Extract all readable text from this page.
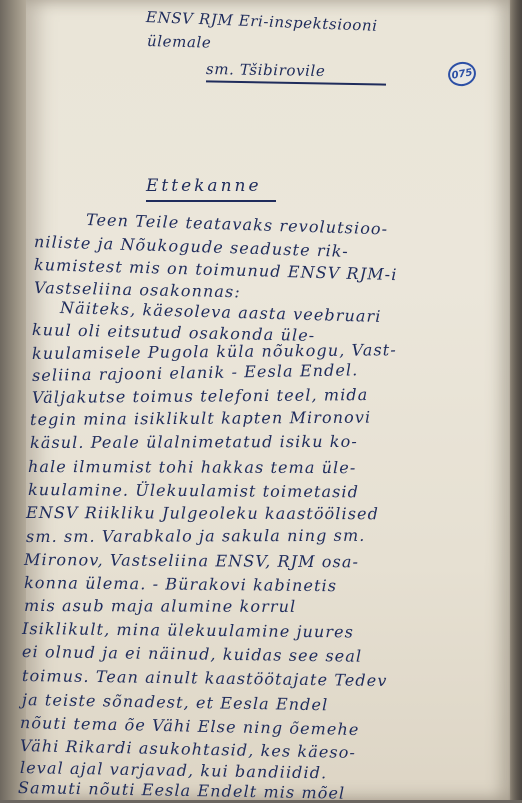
ENSV RJM Eri-inspektsiooni
ülemale
sm. Tšibirovile	075
Ettekanne
Teen Teile teatavaks revolutsioo-
niliste ja Nõukogude seaduste rik-
kumistest mis on toimunud ENSV RJM-i
Vastseliina osakonnas:
Näiteks, käesoleva aasta veebruari
kuul oli eitsutud osakonda üle-
kuulamisele Pugola küla nõukogu, Vast-
seliina rajooni elanik - Eesla Endel.
Väljakutse toimus telefoni teel, mida
tegin mina isiklikult kapten Mironovi
käsul. Peale ülalnimetatud isiku ko-
hale ilmumist tohi hakkas tema üle-
kuulamine. Ülekuulamist toimetasid
ENSV Riikliku Julgeoleku kaastöölised
sm. sm. Varabkalo ja sakula ning sm.
Mironov, Vastseliina ENSV, RJM osa-
konna ülema. - Bürakovi kabinetis
mis asub maja alumine korrul
Isiklikult, mina ülekuulamine juures
ei olnud ja ei näinud, kuidas see seal
toimus. Tean ainult kaastöötajate Tedev
ja teiste sõnadest, et Eesla Endel
nõuti tema õe Vähi Else ning õemehe
Vähi Rikardi asukohtasid, kes käeso-
leval ajal varjavad, kui bandiidid.
Samuti nõuti Eesla Endelt mis mõel
